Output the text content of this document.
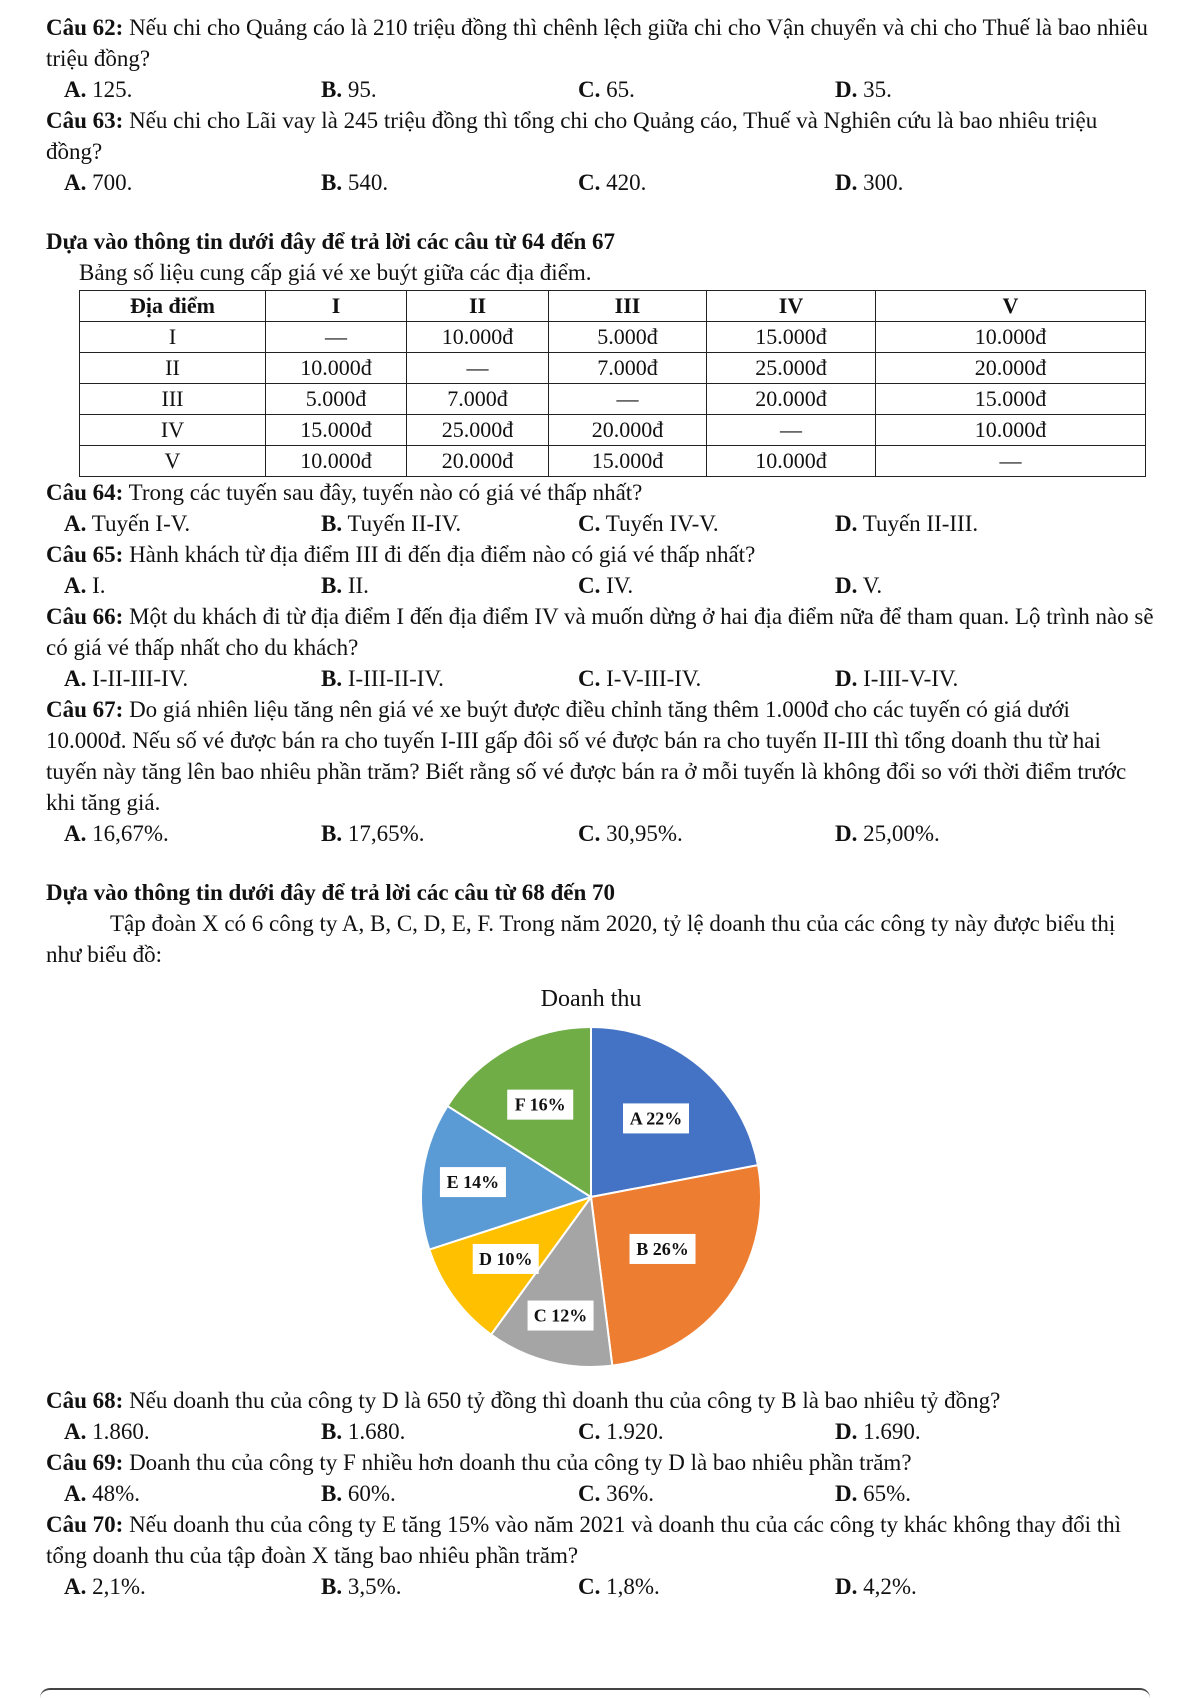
Câu 62: Nếu chi cho Quảng cáo là 210 triệu đồng thì chênh lệch giữa chi cho Vận chuyển và chi cho Thuế là bao nhiêu triệu đồng?

A. 125.	B. 95.	C. 65.	D. 35.

Câu 63: Nếu chi cho Lãi vay là 245 triệu đồng thì tổng chi cho Quảng cáo, Thuế và Nghiên cứu là bao nhiêu triệu đồng?

A. 700.	B. 540.	C. 420.	D. 300.

Dựa vào thông tin dưới đây để trả lời các câu từ 64 đến 67

Bảng số liệu cung cấp giá vé xe buýt giữa các địa điểm.

Địa điểm	I	II	III	IV	V
I	—	10.000đ	5.000đ	15.000đ	10.000đ
II	10.000đ	—	7.000đ	25.000đ	20.000đ
III	5.000đ	7.000đ	—	20.000đ	15.000đ
IV	15.000đ	25.000đ	20.000đ	—	10.000đ
V	10.000đ	20.000đ	15.000đ	10.000đ	—

Câu 64: Trong các tuyến sau đây, tuyến nào có giá vé thấp nhất?

A. Tuyến I-V.	B. Tuyến II-IV.	C. Tuyến IV-V.	D. Tuyến II-III.

Câu 65: Hành khách từ địa điểm III đi đến địa điểm nào có giá vé thấp nhất?

A. I.	B. II.	C. IV.	D. V.

Câu 66: Một du khách đi từ địa điểm I đến địa điểm IV và muốn dừng ở hai địa điểm nữa để tham quan. Lộ trình nào sẽ có giá vé thấp nhất cho du khách?

A. I-II-III-IV.	B. I-III-II-IV.	C. I-V-III-IV.	D. I-III-V-IV.

Câu 67: Do giá nhiên liệu tăng nên giá vé xe buýt được điều chỉnh tăng thêm 1.000đ cho các tuyến có giá dưới 10.000đ. Nếu số vé được bán ra cho tuyến I-III gấp đôi số vé được bán ra cho tuyến II-III thì tổng doanh thu từ hai tuyến này tăng lên bao nhiêu phần trăm? Biết rằng số vé được bán ra ở mỗi tuyến là không đổi so với thời điểm trước khi tăng giá.

A. 16,67%.	B. 17,65%.	C. 30,95%.	D. 25,00%.

Dựa vào thông tin dưới đây để trả lời các câu từ 68 đến 70

Tập đoàn X có 6 công ty A, B, C, D, E, F. Trong năm 2020, tỷ lệ doanh thu của các công ty này được biểu thị như biểu đồ:

Doanh thu
A 22%
B 26%
C 12%
D 10%
E 14%
F 16%

Câu 68: Nếu doanh thu của công ty D là 650 tỷ đồng thì doanh thu của công ty B là bao nhiêu tỷ đồng?

A. 1.860.	B. 1.680.	C. 1.920.	D. 1.690.

Câu 69: Doanh thu của công ty F nhiều hơn doanh thu của công ty D là bao nhiêu phần trăm?

A. 48%.	B. 60%.	C. 36%.	D. 65%.

Câu 70: Nếu doanh thu của công ty E tăng 15% vào năm 2021 và doanh thu của các công ty khác không thay đổi thì tổng doanh thu của tập đoàn X tăng bao nhiêu phần trăm?

A. 2,1%.	B. 3,5%.	C. 1,8%.	D. 4,2%.
